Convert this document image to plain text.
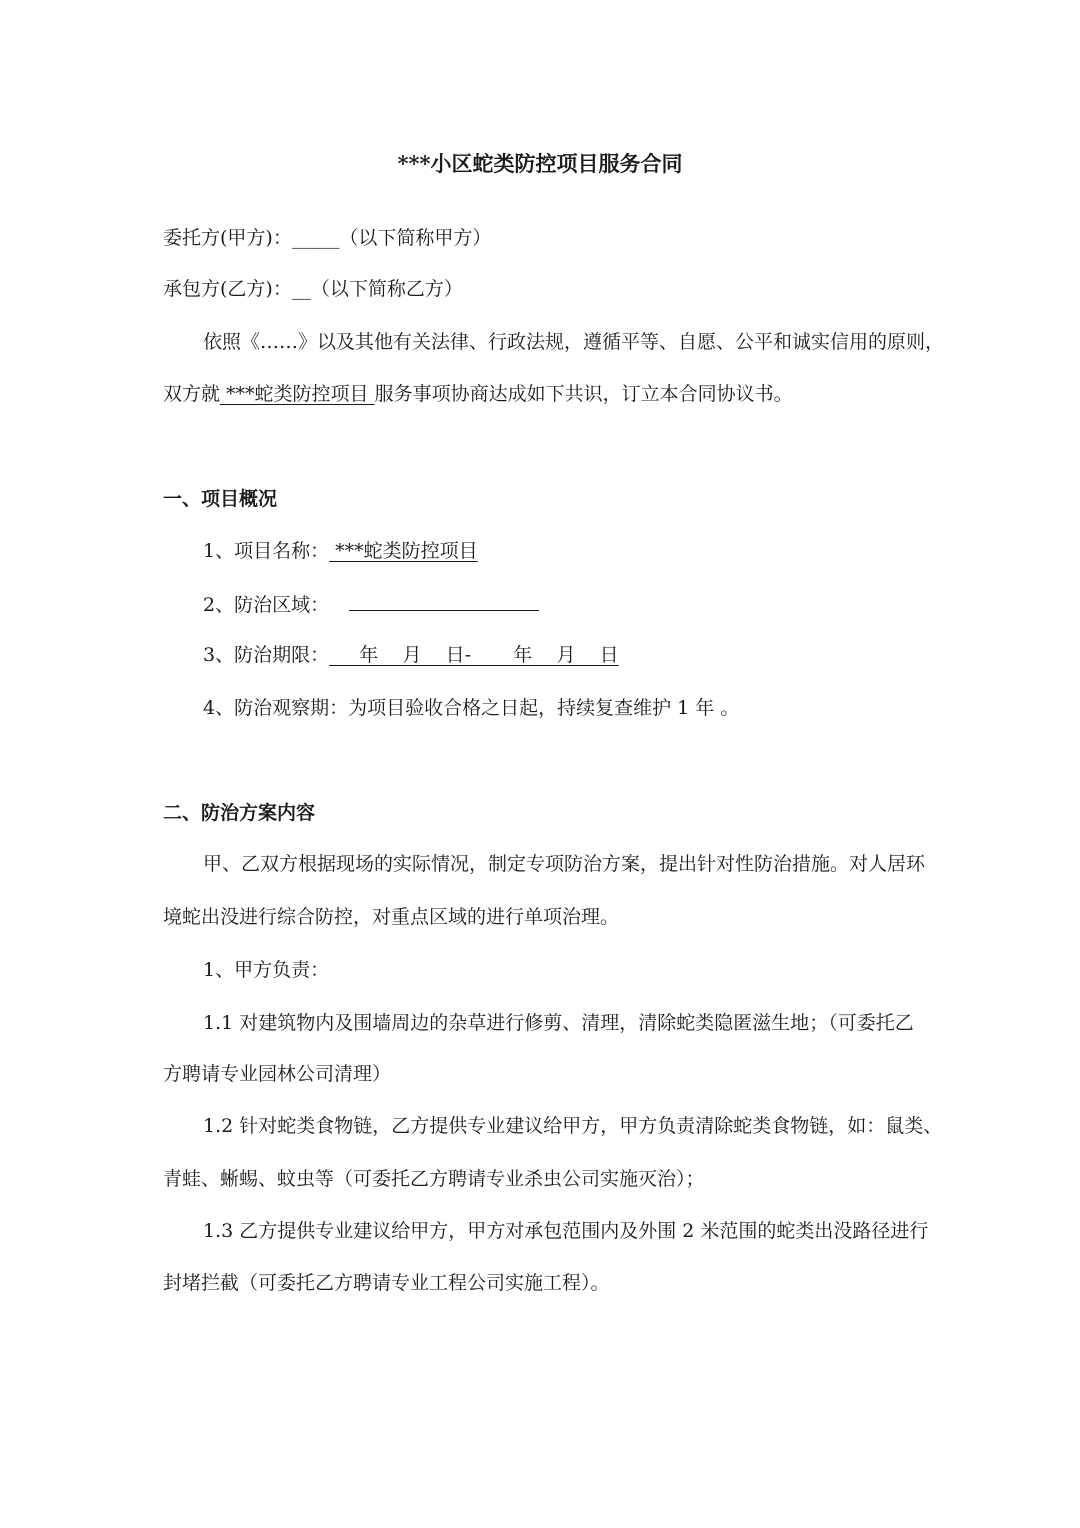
***小区蛇类防控项目服务合同
委托方(甲方)：_____（以下简称甲方）
承包方(乙方)：__（以下简称乙方）
依照《……》以及其他有关法律、行政法规，遵循平等、自愿、公平和诚实信用的原则，
双方就 ***蛇类防控项目 服务事项协商达成如下共识，订立本合同协议书。
一、项目概况
1、项目名称： ***蛇类防控项目
2、防治区域：
3、防治期限：     年    月    日-       年    月    日
4、防治观察期：为项目验收合格之日起，持续复查维护 1 年 。
二、防治方案内容
甲、乙双方根据现场的实际情况，制定专项防治方案，提出针对性防治措施。对人居环
境蛇出没进行综合防控，对重点区域的进行单项治理。
1、甲方负责：
1.1 对建筑物内及围墙周边的杂草进行修剪、清理，清除蛇类隐匿滋生地；（可委托乙
方聘请专业园林公司清理）
1.2 针对蛇类食物链，乙方提供专业建议给甲方，甲方负责清除蛇类食物链，如：鼠类、
青蛙、蜥蜴、蚊虫等（可委托乙方聘请专业杀虫公司实施灭治）；
1.3 乙方提供专业建议给甲方，甲方对承包范围内及外围 2 米范围的蛇类出没路径进行
封堵拦截（可委托乙方聘请专业工程公司实施工程）。
